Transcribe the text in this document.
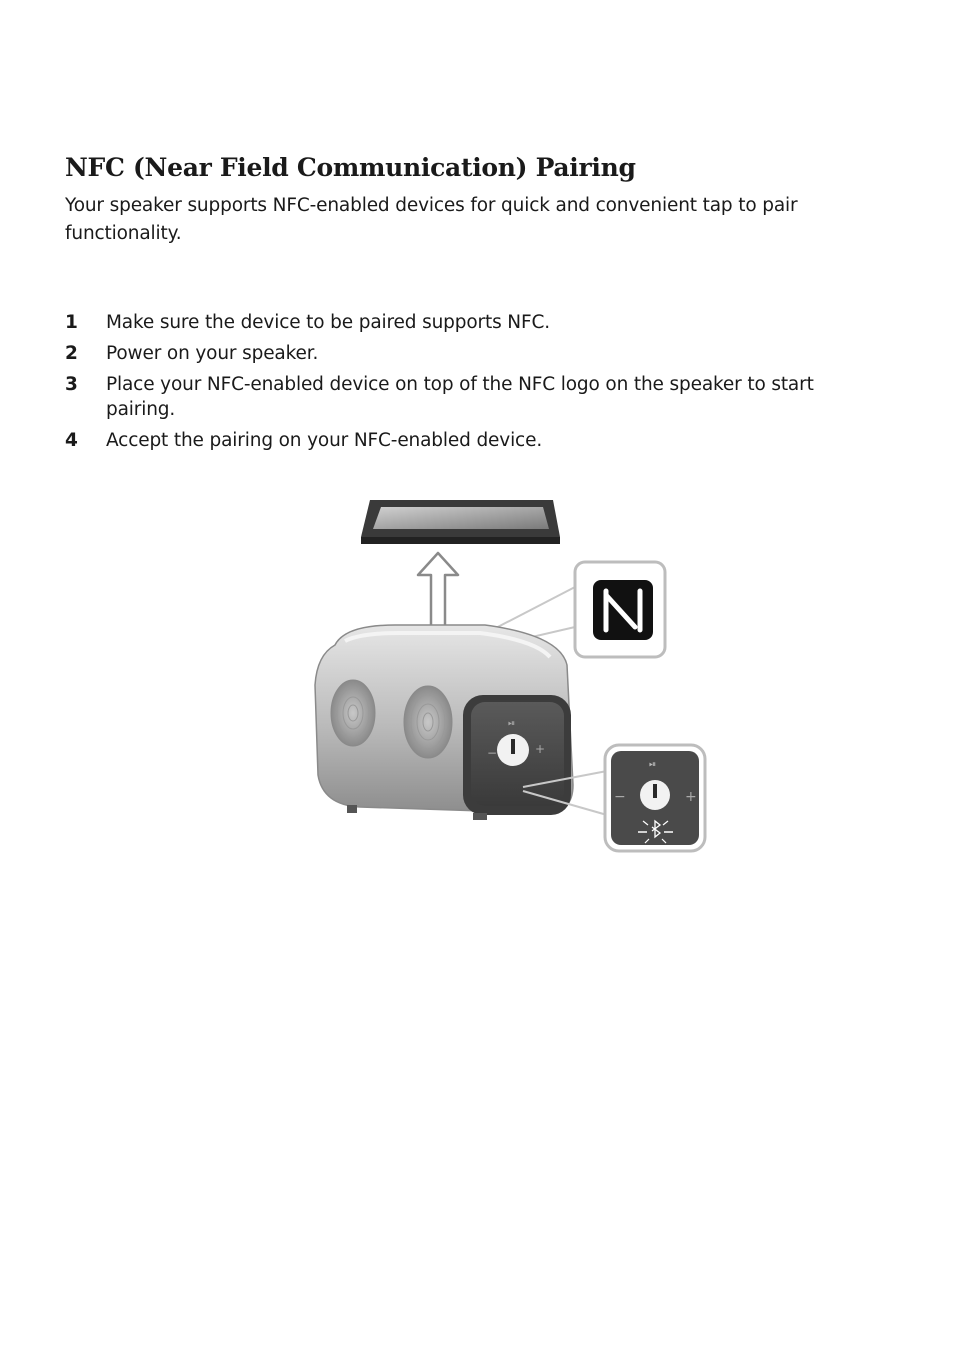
NFC (Near Field Communication) Pairing

Your speaker supports NFC-enabled devices for quick and convenient tap to pair functionality.

1 Make sure the device to be paired supports NFC.
2 Power on your speaker.
3 Place your NFC-enabled device on top of the NFC logo on the speaker to start pairing.
4 Accept the pairing on your NFC-enabled device.
−	+
⏯
⏯
−	+
